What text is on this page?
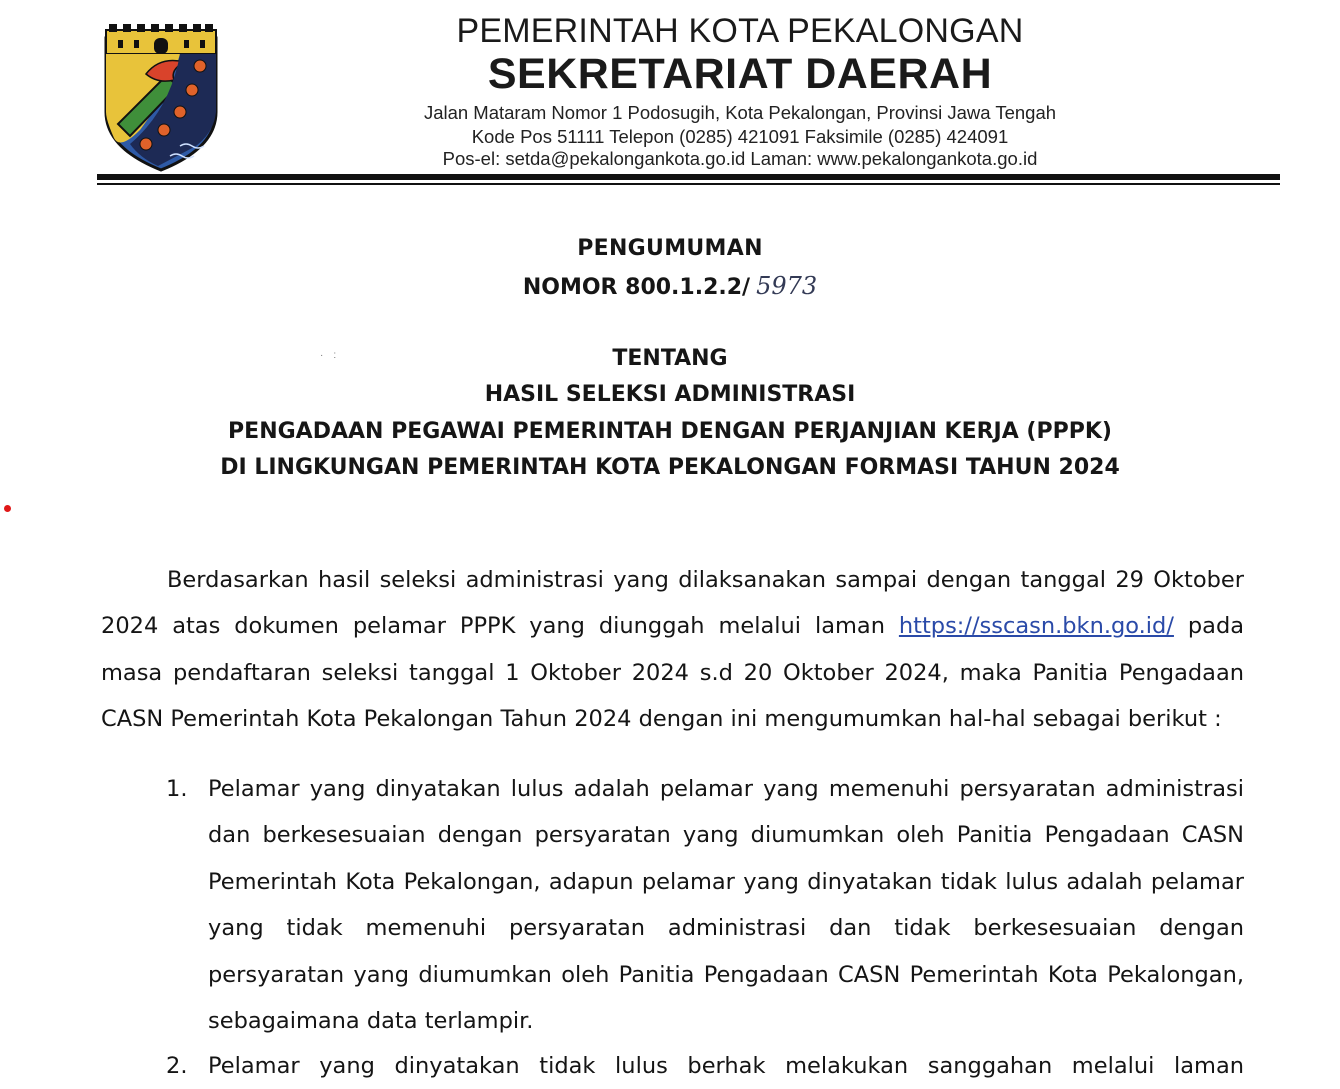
PEMERINTAH KOTA PEKALONGAN
SEKRETARIAT DAERAH
Jalan Mataram Nomor 1 Podosugih, Kota Pekalongan, Provinsi Jawa Tengah
Kode Pos 51111 Telepon (0285) 421091 Faksimile (0285) 424091
Pos-el: setda@pekalongankota.go.id Laman: www.pekalongankota.go.id
PENGUMUMAN
NOMOR 800.1.2.2/ 5973
· :	TENTANG
HASIL SELEKSI ADMINISTRASI
PENGADAAN PEGAWAI PEMERINTAH DENGAN PERJANJIAN KERJA (PPPK)
DI LINGKUNGAN PEMERINTAH KOTA PEKALONGAN FORMASI TAHUN 2024
Berdasarkan hasil seleksi administrasi yang dilaksanakan sampai dengan tanggal 29 Oktober 2024 atas dokumen pelamar PPPK yang diunggah melalui laman https://sscasn.bkn.go.id/ pada masa pendaftaran seleksi tanggal 1 Oktober 2024 s.d 20 Oktober 2024, maka Panitia Pengadaan CASN Pemerintah Kota Pekalongan Tahun 2024 dengan ini mengumumkan hal-hal sebagai berikut :
1. Pelamar yang dinyatakan lulus adalah pelamar yang memenuhi persyaratan administrasi dan berkesesuaian dengan persyaratan yang diumumkan oleh Panitia Pengadaan CASN Pemerintah Kota Pekalongan, adapun pelamar yang dinyatakan tidak lulus adalah pelamar yang tidak memenuhi persyaratan administrasi dan tidak berkesesuaian dengan persyaratan yang diumumkan oleh Panitia Pengadaan CASN Pemerintah Kota Pekalongan, sebagaimana data terlampir.
2. Pelamar yang dinyatakan tidak lulus berhak melakukan sanggahan melalui laman
